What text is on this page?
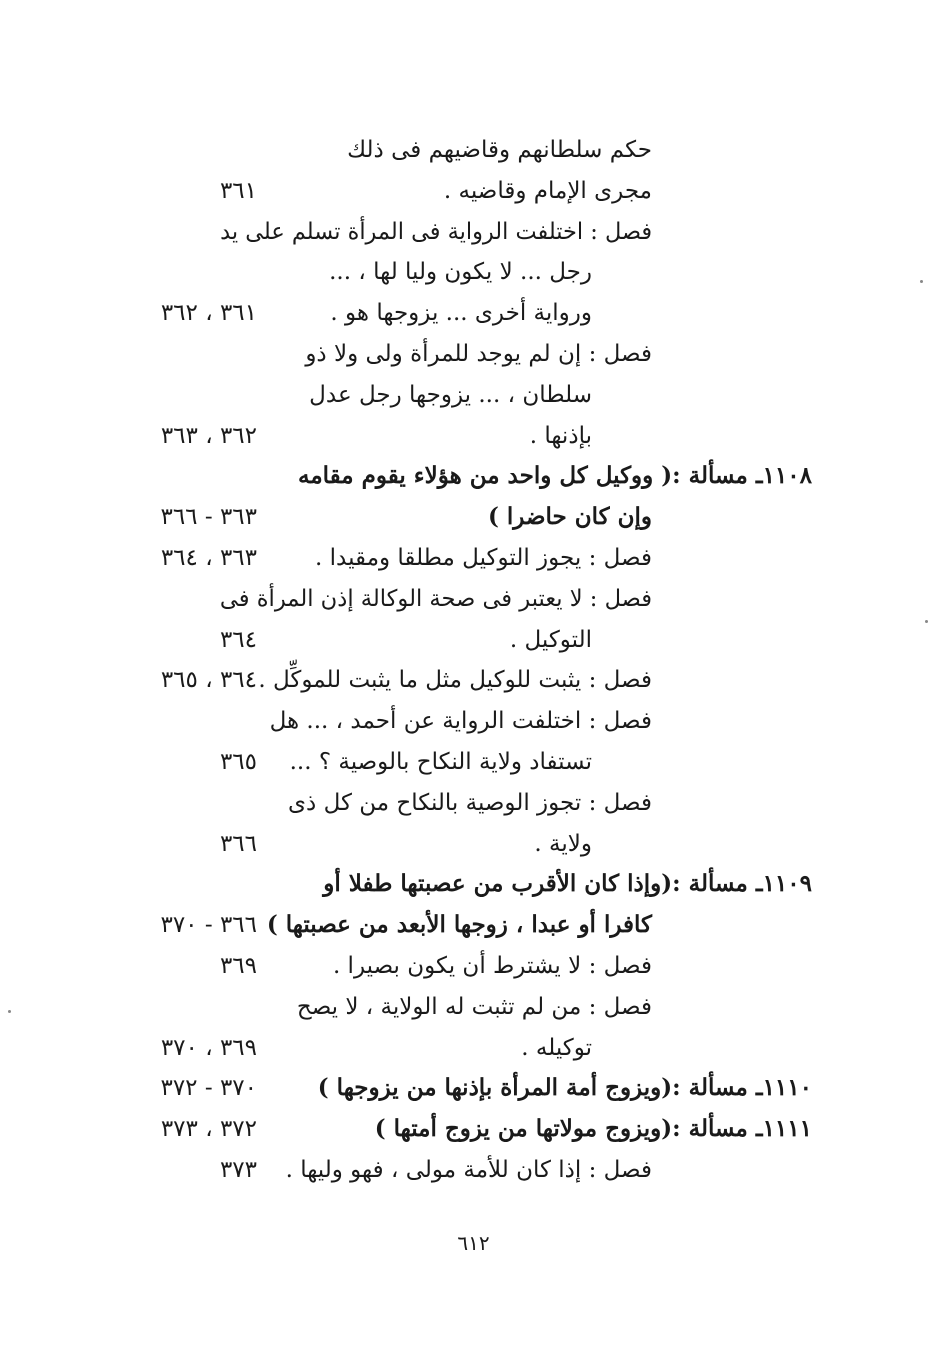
حكم سلطانهم وقاضيهم فى ذلك
مجرى الإمام وقاضيه .
٣٦١
فصل : اختلفت الرواية فى المرأة تسلم على يد
رجل ... لا يكون وليا لها ، ...
ورواية أخرى ... يزوجها هو .
٣٦١ ، ٣٦٢
فصل : إن لم يوجد للمرأة ولى ولا ذو
سلطان ، ... يزوجها رجل عدل
بإذنها .
٣٦٢ ، ٣٦٣
١١٠٨ـ مسألة :( ووكيل كل واحد من هؤلاء يقوم مقامه
وإن كان حاضرا )
٣٦٣ - ٣٦٦
فصل : يجوز التوكيل مطلقا ومقيدا .
٣٦٣ ، ٣٦٤
فصل : لا يعتبر فى صحة الوكالة إذن المرأة فى
التوكيل .
٣٦٤
فصل : يثبت للوكيل مثل ما يثبت للموكِّل .
٣٦٤ ، ٣٦٥
فصل : اختلفت الرواية عن أحمد ، ... هل
تستفاد ولاية النكاح بالوصية ؟ ...
٣٦٥
فصل : تجوز الوصية بالنكاح من كل ذى
ولاية .
٣٦٦
١١٠٩ـ مسألة :(وإذا كان الأقرب من عصبتها طفلا أو
كافرا أو عبدا ، زوجها الأبعد من عصبتها )
٣٦٦ - ٣٧٠
فصل : لا يشترط أن يكون بصيرا .
٣٦٩
فصل : من لم تثبت له الولاية ، لا يصح
توكيله .
٣٦٩ ، ٣٧٠
١١١٠ـ مسألة :(ويزوج أمة المرأة بإذنها من يزوجها )
٣٧٠ - ٣٧٢
١١١١ـ مسألة :(ويزوج مولاتها من يزوج أمتها )
٣٧٢ ، ٣٧٣
فصل : إذا كان للأمة مولى ، فهو وليها .
٣٧٣
٦١٢
